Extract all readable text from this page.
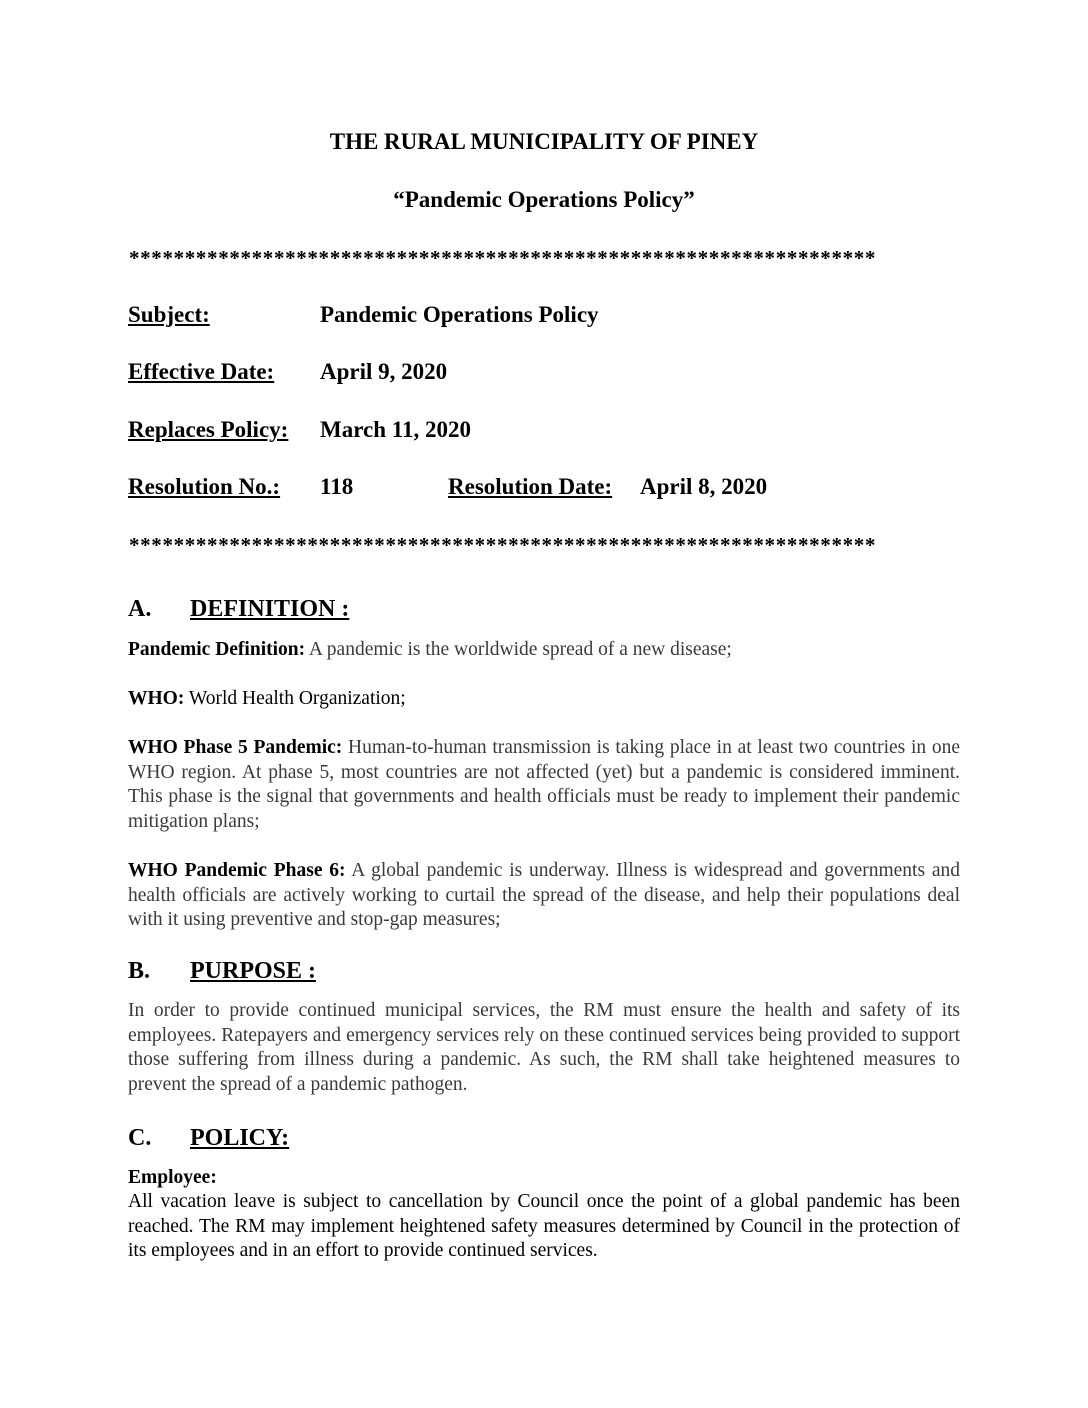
THE RURAL MUNICIPALITY OF PINEY
“Pandemic Operations Policy”
*******************************************************************
Subject:	Pandemic Operations Policy
Effective Date: April 9, 2020
Replaces Policy: March 11, 2020
Resolution No.: 118	Resolution Date: April 8, 2020
*******************************************************************
A. DEFINITION :
Pandemic Definition: A pandemic is the worldwide spread of a new disease;
WHO: World Health Organization;
WHO Phase 5 Pandemic: Human-to-human transmission is taking place in at least two countries in one WHO region. At phase 5, most countries are not affected (yet) but a pandemic is considered imminent. This phase is the signal that governments and health officials must be ready to implement their pandemic mitigation plans;
WHO Pandemic Phase 6: A global pandemic is underway. Illness is widespread and governments and health officials are actively working to curtail the spread of the disease, and help their populations deal with it using preventive and stop-gap measures;
B. PURPOSE :
In order to provide continued municipal services, the RM must ensure the health and safety of its employees. Ratepayers and emergency services rely on these continued services being provided to support those suffering from illness during a pandemic. As such, the RM shall take heightened measures to prevent the spread of a pandemic pathogen.
C. POLICY:
Employee:
All vacation leave is subject to cancellation by Council once the point of a global pandemic has been reached. The RM may implement heightened safety measures determined by Council in the protection of its employees and in an effort to provide continued services.
